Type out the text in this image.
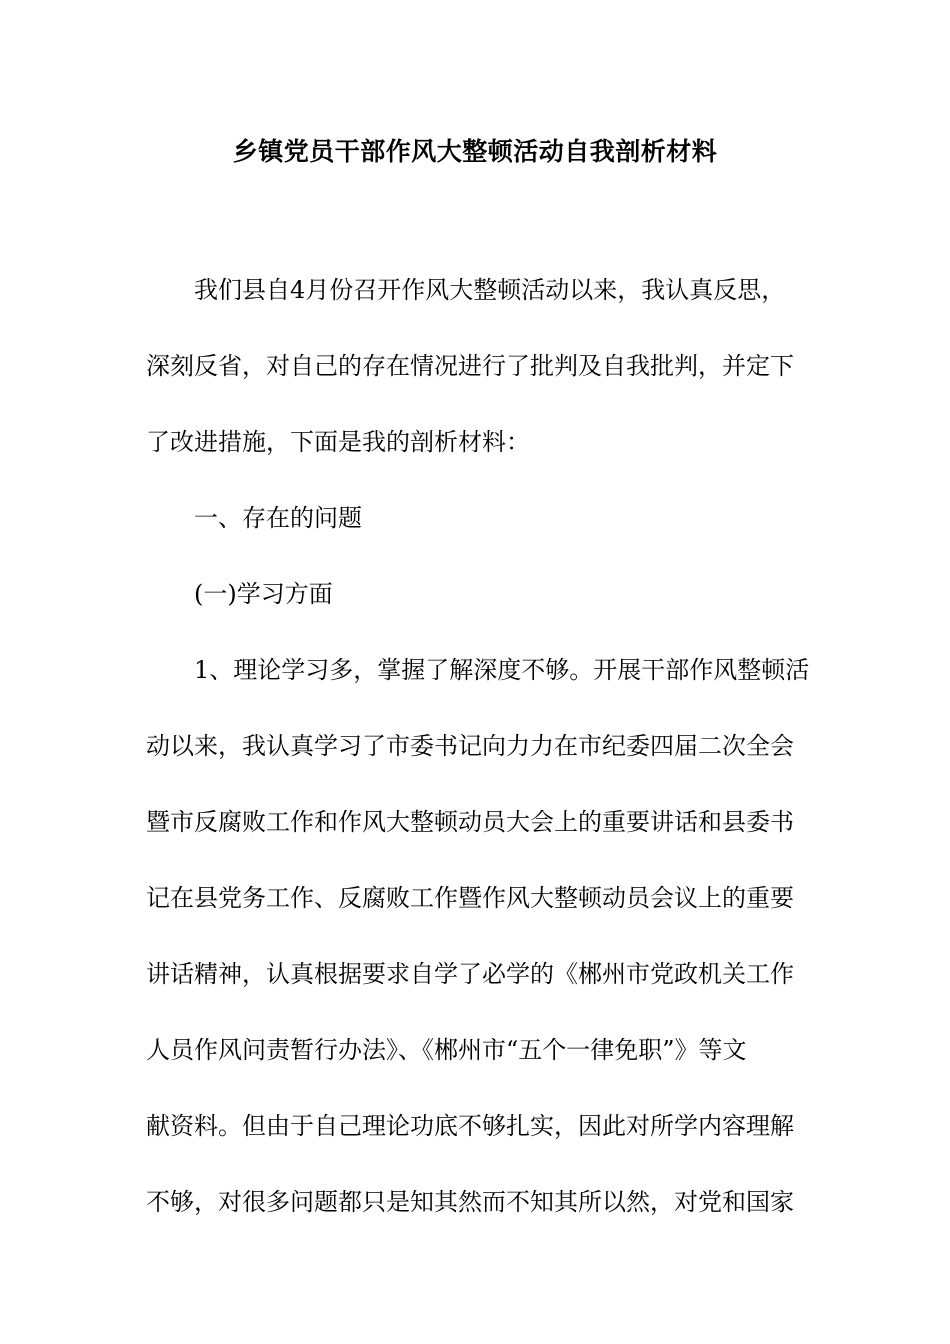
乡镇党员干部作风大整顿活动自我剖析材料

我们县自4月份召开作风大整顿活动以来，我认真反思，
深刻反省，对自己的存在情况进行了批判及自我批判，并定下
了改进措施，下面是我的剖析材料：

一、存在的问题

(一)学习方面

1、理论学习多，掌握了解深度不够。开展干部作风整顿活
动以来，我认真学习了市委书记向力力在市纪委四届二次全会
暨市反腐败工作和作风大整顿动员大会上的重要讲话和县委书
记在县党务工作、反腐败工作暨作风大整顿动员会议上的重要
讲话精神，认真根据要求自学了必学的《郴州市党政机关工作
人员作风问责暂行办法》、《郴州市“五个一律免职”》等文
献资料。但由于自己理论功底不够扎实，因此对所学内容理解
不够，对很多问题都只是知其然而不知其所以然，对党和国家
